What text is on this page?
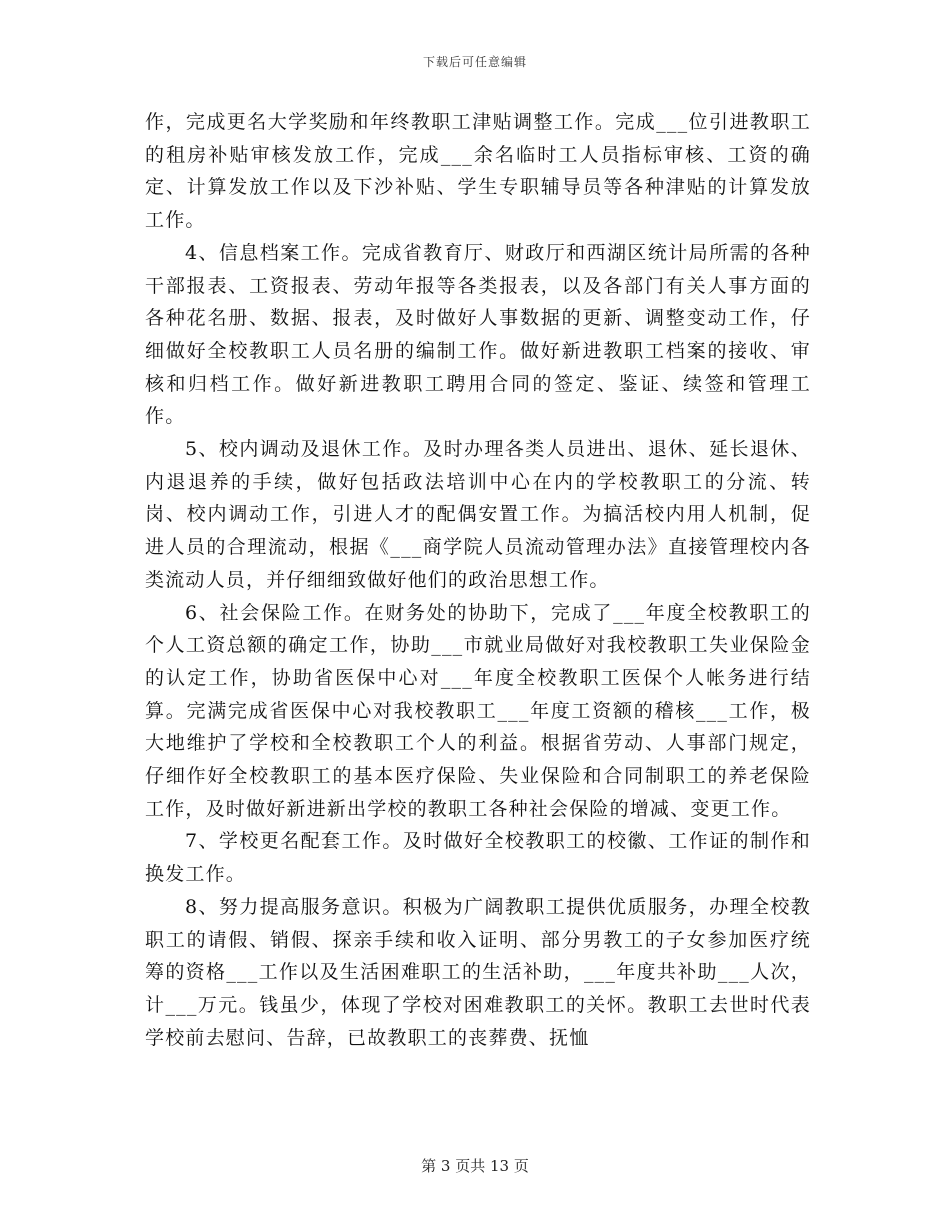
下载后可任意编辑

作，完成更名大学奖励和年终教职工津贴调整工作。完成___位引进教职工的租房补贴审核发放工作，完成___余名临时工人员指标审核、工资的确定、计算发放工作以及下沙补贴、学生专职辅导员等各种津贴的计算发放工作。

4、信息档案工作。完成省教育厅、财政厅和西湖区统计局所需的各种干部报表、工资报表、劳动年报等各类报表，以及各部门有关人事方面的各种花名册、数据、报表，及时做好人事数据的更新、调整变动工作，仔细做好全校教职工人员名册的编制工作。做好新进教职工档案的接收、审核和归档工作。做好新进教职工聘用合同的签定、鉴证、续签和管理工作。

5、校内调动及退休工作。及时办理各类人员进出、退休、延长退休、内退退养的手续，做好包括政法培训中心在内的学校教职工的分流、转岗、校内调动工作，引进人才的配偶安置工作。为搞活校内用人机制，促进人员的合理流动，根据《___商学院人员流动管理办法》直接管理校内各类流动人员，并仔细细致做好他们的政治思想工作。

6、社会保险工作。在财务处的协助下，完成了___年度全校教职工的个人工资总额的确定工作，协助___市就业局做好对我校教职工失业保险金的认定工作，协助省医保中心对___年度全校教职工医保个人帐务进行结算。完满完成省医保中心对我校教职工___年度工资额的稽核___工作，极大地维护了学校和全校教职工个人的利益。根据省劳动、人事部门规定，仔细作好全校教职工的基本医疗保险、失业保险和合同制职工的养老保险工作，及时做好新进新出学校的教职工各种社会保险的增减、变更工作。

7、学校更名配套工作。及时做好全校教职工的校徽、工作证的制作和换发工作。

8、努力提高服务意识。积极为广阔教职工提供优质服务，办理全校教职工的请假、销假、探亲手续和收入证明、部分男教工的子女参加医疗统筹的资格___工作以及生活困难职工的生活补助，___年度共补助___人次，计___万元。钱虽少，体现了学校对困难教职工的关怀。教职工去世时代表学校前去慰问、告辞，已故教职工的丧葬费、抚恤

第 3 页共 13 页
